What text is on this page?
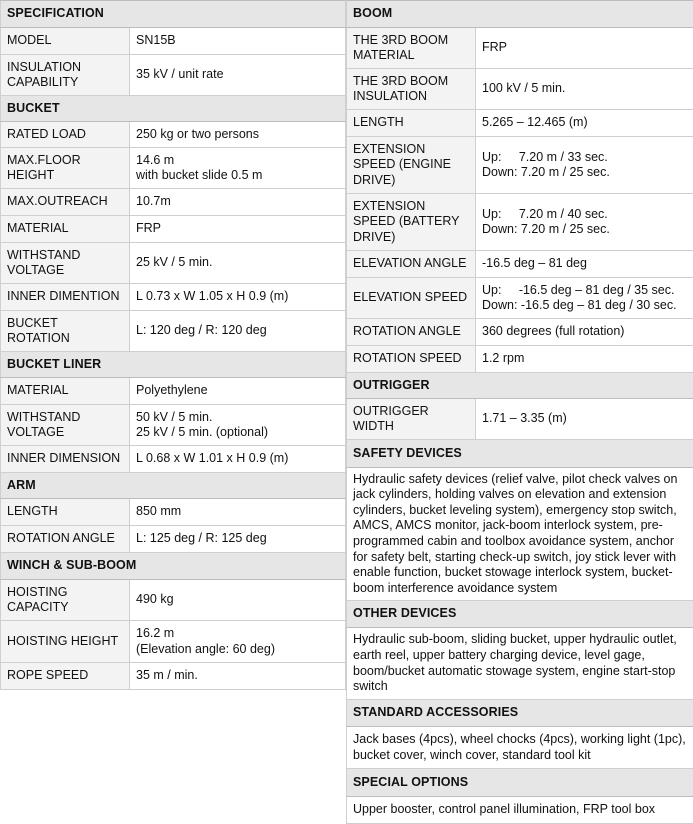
SPECIFICATION	
MODEL	SN15B
INSULATION CAPABILITY	35 kV / unit rate
BUCKET	
RATED LOAD	250 kg or two persons
MAX.FLOOR HEIGHT	14.6 m
with bucket slide 0.5 m

MAX.OUTREACH	10.7m
MATERIAL	FRP
WITHSTAND VOLTAGE	25 kV / 5 min.
INNER DIMENTION	L 0.73 x W 1.05 x H 0.9 (m)
BUCKET ROTATION	L: 120 deg / R: 120 deg
BUCKET LINER	
MATERIAL	Polyethylene
WITHSTAND VOLTAGE	50 kV / 5 min.
25 kV / 5 min. (optional)

INNER DIMENSION	L 0.68 x W 1.01 x H 0.9 (m)
ARM	
LENGTH	850 mm
ROTATION ANGLE	L: 125 deg / R: 125 deg
WINCH & SUB-BOOM	
HOISTING CAPACITY	490 kg
HOISTING HEIGHT	16.2 m
(Elevation angle: 60 deg)

ROPE SPEED	35 m / min.
BOOM	
THE 3RD BOOM MATERIAL	FRP
THE 3RD BOOM INSULATION	100 kV / 5 min.
LENGTH	5.265 – 12.465 (m)
EXTENSION SPEED (ENGINE DRIVE)	Up:     7.20 m / 33 sec.
Down: 7.20 m / 25 sec.

EXTENSION SPEED (BATTERY DRIVE)	Up:     7.20 m / 40 sec.
Down: 7.20 m / 25 sec.

ELEVATION ANGLE	-16.5 deg – 81 deg
ELEVATION SPEED	Up:     -16.5 deg – 81 deg / 35 sec.
Down: -16.5 deg – 81 deg / 30 sec.

ROTATION ANGLE	360 degrees (full rotation)
ROTATION SPEED	1.2 rpm
OUTRIGGER	
OUTRIGGER WIDTH	1.71 – 3.35 (m)
SAFETY DEVICES	
Hydraulic safety devices (relief valve, pilot check valves on jack cylinders, holding valves on elevation and extension cylinders, bucket leveling system), emergency stop switch, AMCS, AMCS monitor, jack-boom interlock system, pre-programmed cabin and toolbox avoidance system, anchor for safety belt, starting check-up switch, joy stick lever with enable function, bucket stowage interlock system, bucket-boom interference avoidance system	
OTHER DEVICES	
Hydraulic sub-boom, sliding bucket, upper hydraulic outlet, earth reel, upper battery charging device, level gage, boom/bucket automatic stowage system, engine start-stop switch	
STANDARD ACCESSORIES	
Jack bases (4pcs), wheel chocks (4pcs), working light (1pc), bucket cover, winch cover, standard tool kit	
SPECIAL OPTIONS	
Upper booster, control panel illumination, FRP tool box	
